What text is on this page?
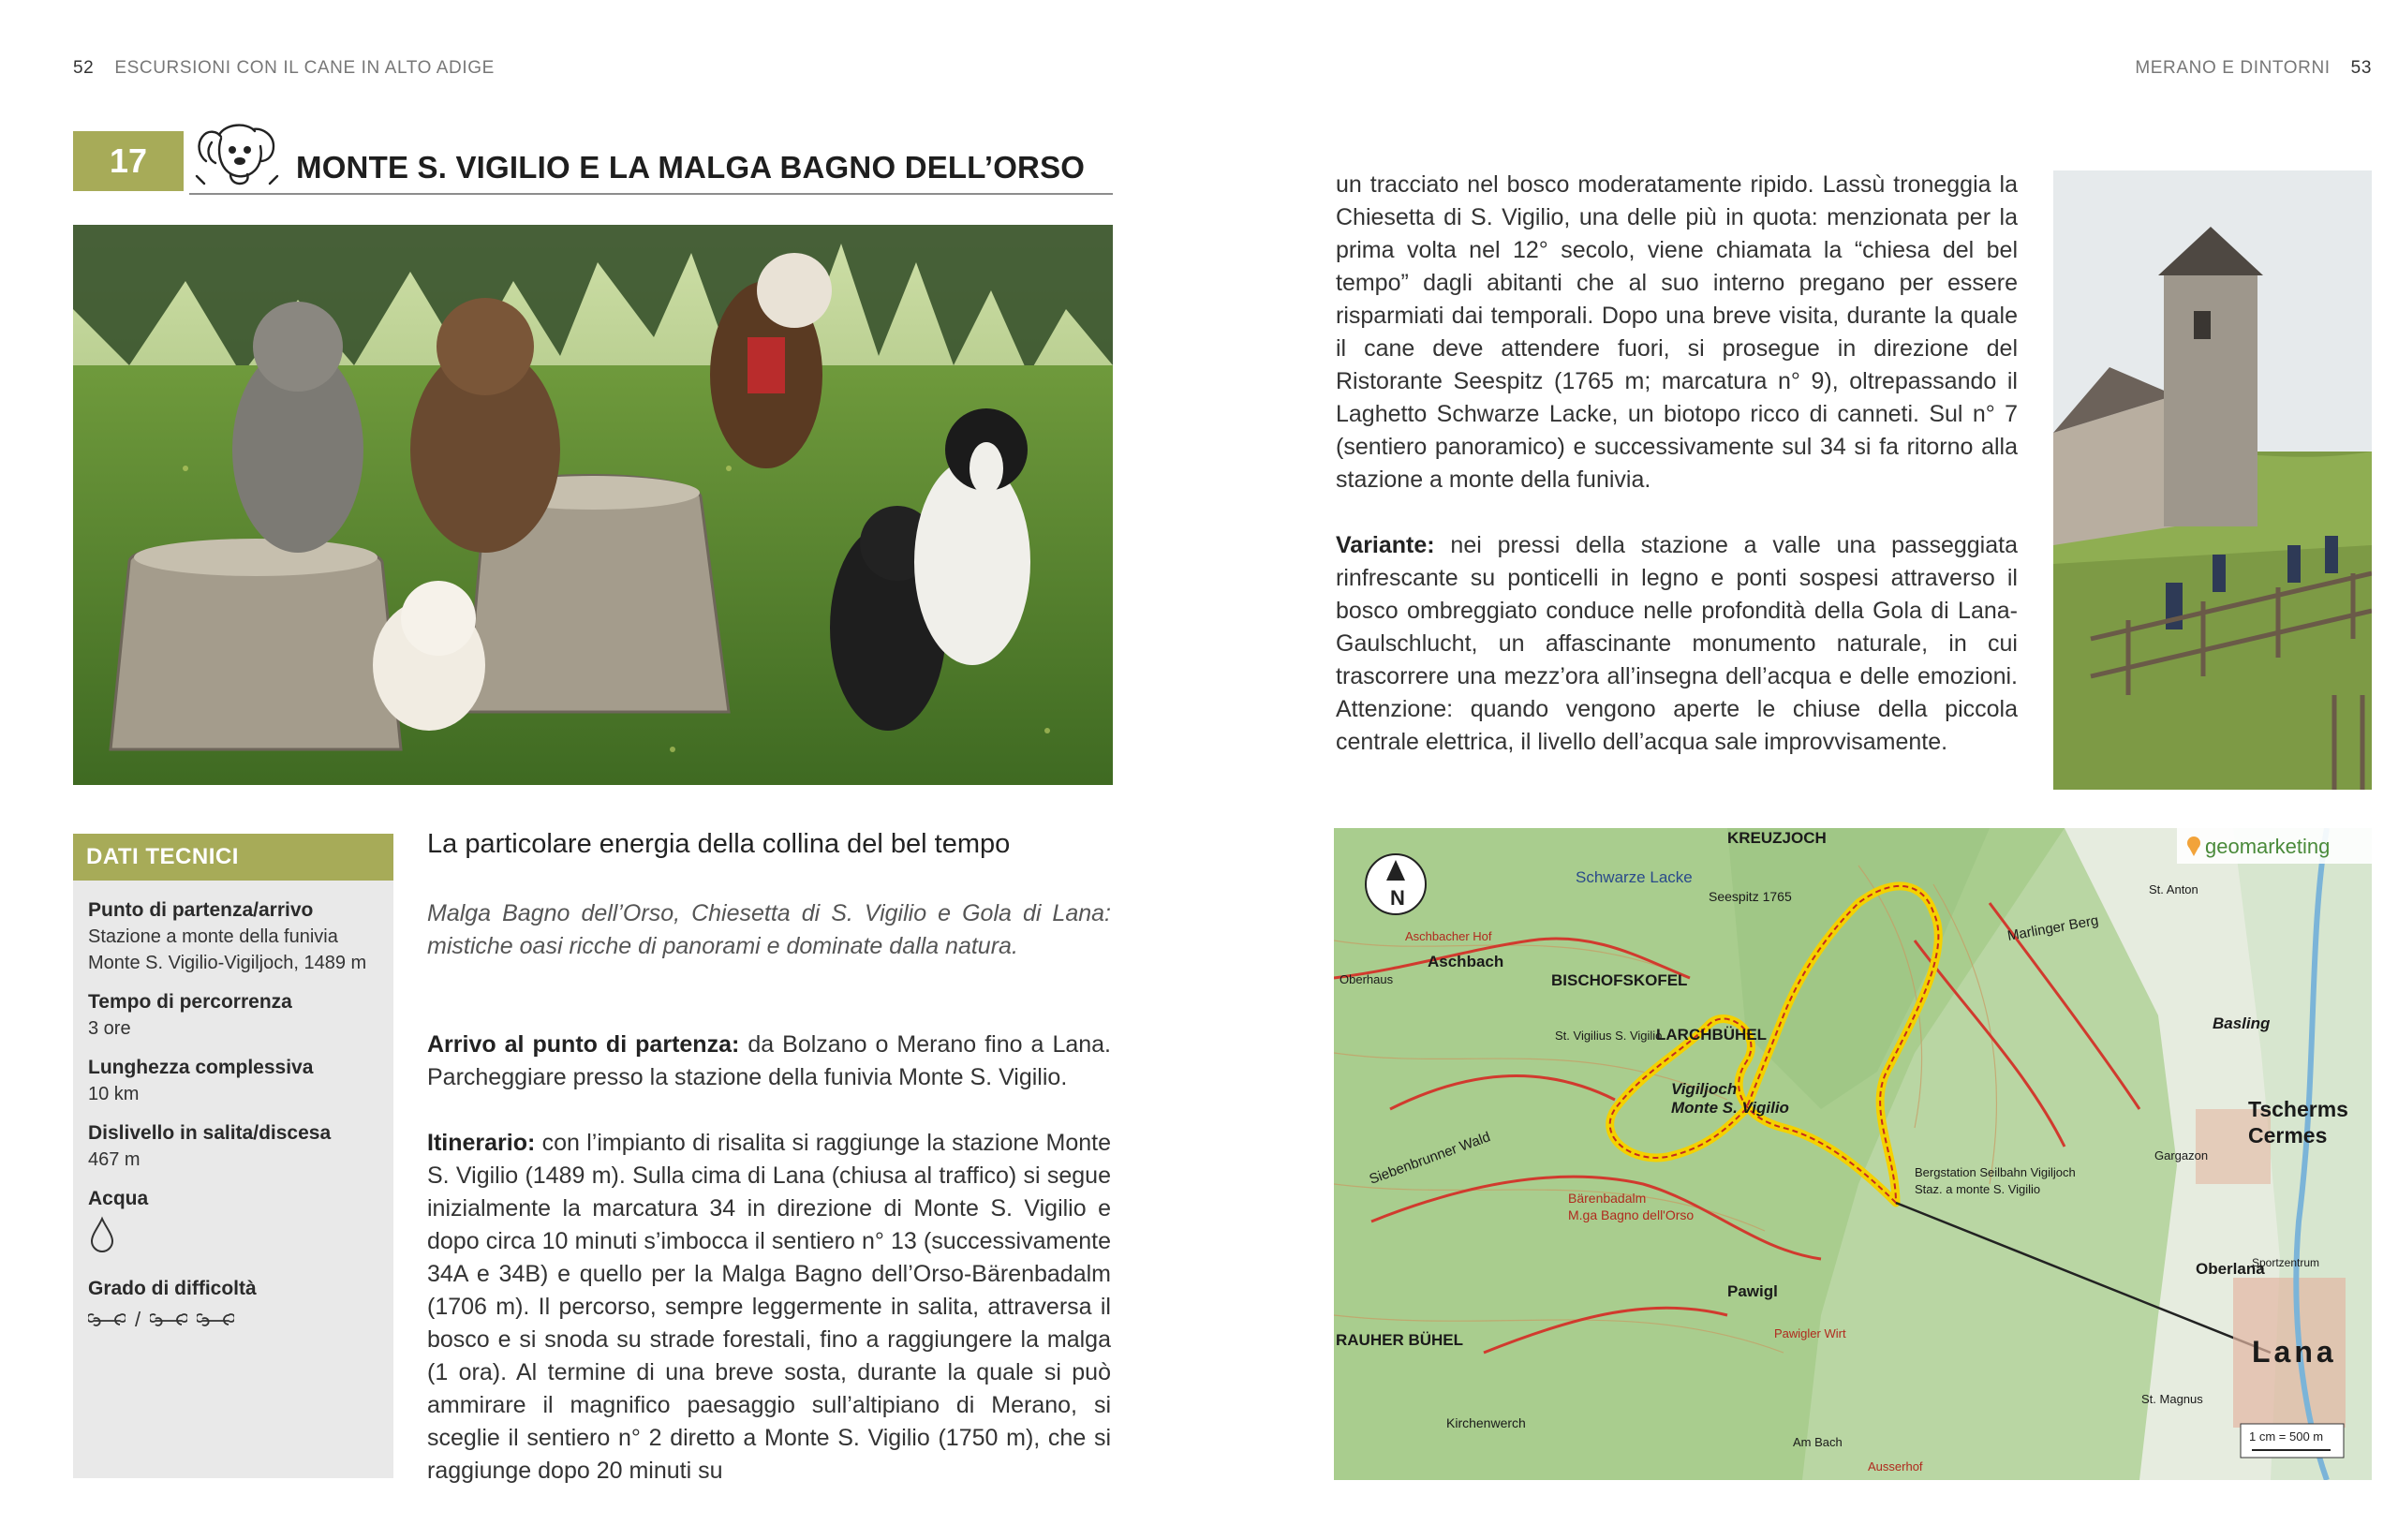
52 ESCURSIONI CON IL CANE IN ALTO ADIGE	MERANO E DINTORNI 53
17	MONTE S. VIGILIO E LA MALGA BAGNO DELL’ORSO
DATI TECNICI

Punto di partenza/arrivo

Stazione a monte della funivia Monte S. Vigilio-Vigiljoch, 1489 m

Tempo di percorrenza

3 ore

Lunghezza complessiva

10 km

Dislivello in salita/discesa

467 m

Acqua

Grado di difficoltà

/

La particolare energia della collina del bel tempo

Malga Bagno dell’Orso, Chiesetta di S. Vigilio e Gola di Lana: mistiche oasi ricche di panorami e dominate dalla natura.

Arrivo al punto di partenza: da Bolzano o Merano fino a Lana. Parcheggiare presso la stazione della funivia Monte S. Vigilio.

Itinerario: con l’impianto di risalita si raggiunge la stazione Monte S. Vigilio (1489 m). Sulla cima di Lana (chiusa al traffico) si segue inizialmente la marcatura 34 in direzione di Monte S. Vigilio e dopo circa 10 minuti s’imbocca il sentiero n° 13 (successivamente 34A e 34B) e quello per la Malga Bagno dell’Orso-Bärenbadalm (1706 m). Il percorso, sempre leggermente in salita, attraversa il bosco e si snoda su strade forestali, fino a raggiungere la malga (1 ora). Al termine di una breve sosta, durante la quale si può ammirare il magnifico paesaggio sull’altipiano di Merano, si sceglie il sentiero n° 2 diretto a Monte S. Vigilio (1750 m), che si raggiunge dopo 20 minuti su

un tracciato nel bosco moderatamente ripido. Lassù troneggia la Chiesetta di S. Vigilio, una delle più in quota: menzionata per la prima volta nel 12° secolo, viene chiamata la “chiesa del bel tempo” dagli abitanti che al suo interno pregano per essere risparmiati dai temporali. Dopo una breve visita, durante la quale il cane deve attendere fuori, si prosegue in direzione del Ristorante Seespitz (1765 m; marcatura n° 9), oltrepassando il Laghetto Schwarze Lacke, un biotopo ricco di canneti. Sul n° 7 (sentiero panoramico) e successivamente sul 34 si fa ritorno alla stazione a monte della funivia.

Variante: nei pressi della stazione a valle una passeggiata rinfrescante su ponticelli in legno e ponti sospesi attraverso il bosco ombreggiato conduce nelle profondità della Gola di Lana-Gaulschlucht, un affascinante monumento naturale, in cui trascorrere una mezz’ora all’insegna dell’acqua e delle emozioni. Attenzione: quando vengono aperte le chiuse della piccola centrale elettrica, il livello dell’acqua sale improvvisamente.

N
geomarketing
KREUZJOCH
Schwarze Lacke
Seespitz 1765
Aschbach
Aschbacher Hof
Oberhaus	BISCHOFSKOFEL
LARCHBÜHEL
St. Vigilius S. Vigilio
Vigiljoch
Monte S. Vigilio
Bärenbadalm
M.ga Bagno dell'Orso
Bergstation Seilbahn Vigiljoch
Staz. a monte S. Vigilio
Pawigl
Pawigler Wirt
RAUHER BÜHEL
Kirchenwerch
Am Bach
Ausserhof
Siebenbrunner Wald
Marlinger Berg
St. Anton
Basling
Tscherms
Cermes
Gargazon
Oberlana
Lana
Sportzentrum
St. Magnus
1 cm = 500 m
